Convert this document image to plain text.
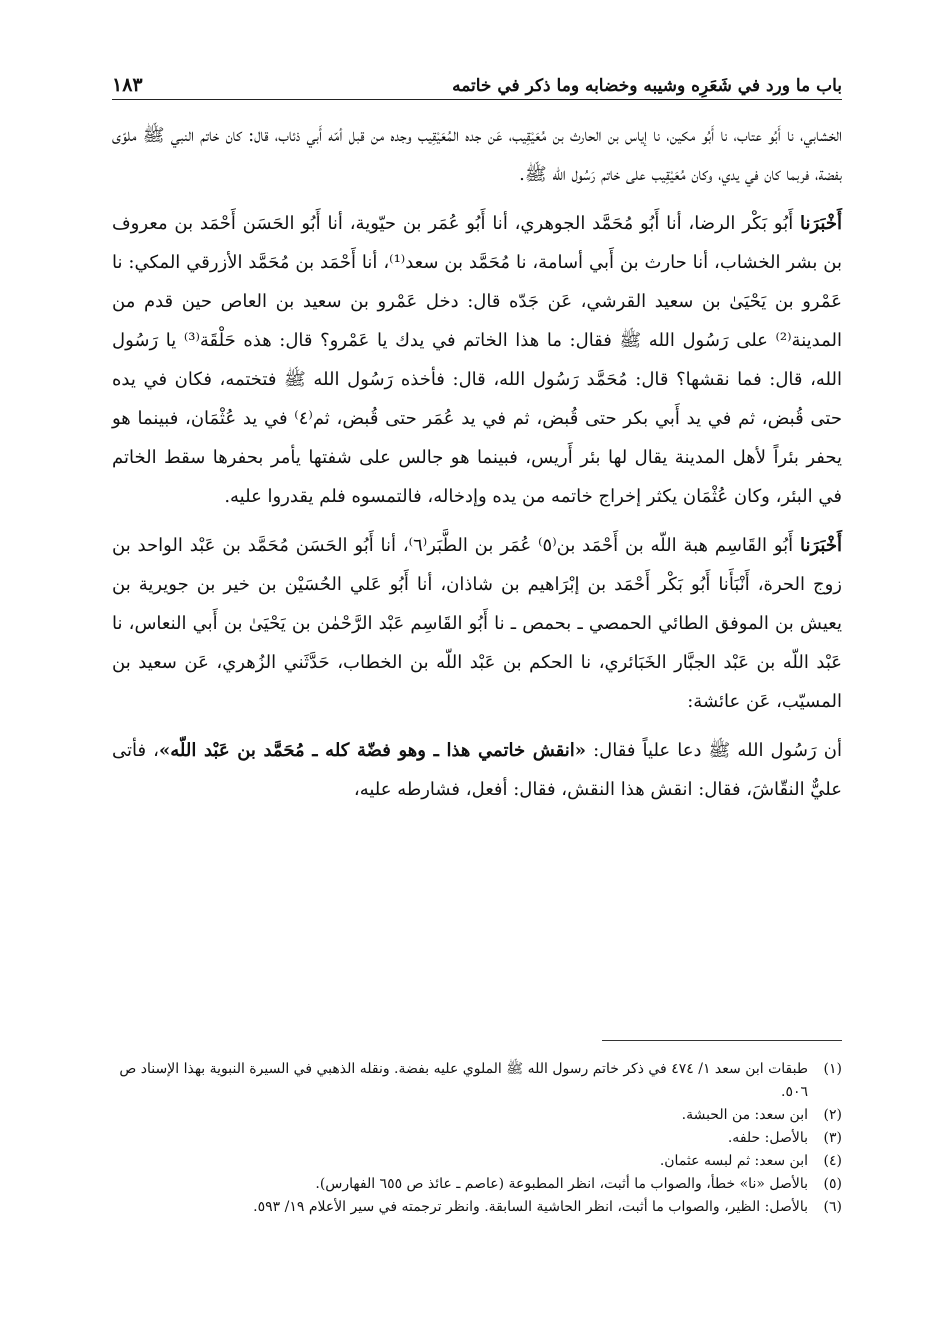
باب ما ورد في شَعَرِه وشيبه وخضابه وما ذكر في خاتمه
١٨٣

الخشابي، نا أَبُو عتاب، نا أَبُو مكين، نا إياس بن الحارث بن مُعَيْقِيب، عَن جده المُعَيْقِيب وجده من قبل أمّه أَبي ذئاب، قال: كان خاتم النبي ﷺ ملوّى بفضة، فربما كان في يدي، وكان مُعَيْقِيب على خاتم رَسُول الله ﷺ.

أَخْبَرَنا أَبُو بَكْر الرضا، أنا أَبُو مُحَمَّد الجوهري، أنا أَبُو عُمَر بن حيّوية، أنا أَبُو الحَسَن أَحْمَد بن معروف بن بشر الخشاب، أنا حارث بن أَبي أسامة، نا مُحَمَّد بن سعد⁽¹⁾، أنا أَحْمَد بن مُحَمَّد الأزرقي المكي: نا عَمْرو بن يَحْيَىٰ بن سعيد القرشي، عَن جَدّه قال: دخل عَمْرو بن سعيد بن العاص حين قدم من المدينة⁽²⁾ على رَسُول الله ﷺ فقال: ما هذا الخاتم في يدك يا عَمْرو؟ قال: هذه حَلْقَة⁽³⁾ يا رَسُول الله، قال: فما نقشها؟ قال: مُحَمَّد رَسُول الله، قال: فأخذه رَسُول الله ﷺ فتختمه، فكان في يده حتى قُبض، ثم في يد أَبي بكر حتى قُبض، ثم في يد عُمَر حتى قُبض، ثم⁽٤⁾ في يد عُثْمَان، فبينما هو يحفر بئراً لأهل المدينة يقال لها بئر أَريس، فبينما هو جالس على شفتها يأمر بحفرها سقط الخاتم في البئر، وكان عُثْمَان يكثر إخراج خاتمه من يده وإدخاله، فالتمسوه فلم يقدروا عليه.

أَخْبَرَنا أَبُو القَاسِم هبة اللّه بن أَحْمَد بن⁽٥⁾ عُمَر بن الطَّبَر⁽٦⁾، أنا أَبُو الحَسَن مُحَمَّد بن عَبْد الواحد بن زوج الحرة، أَنْبَأَنا أَبُو بَكْر أَحْمَد بن إبْرَاهيم بن شاذان، أنا أَبُو عَلي الحُسَيْن بن خير بن جويرية بن يعيش بن الموفق الطائي الحمصي ـ بحمص ـ نا أَبُو القَاسِم عَبْد الرَّحْمٰن بن يَحْيَىٰ بن أَبي النعاس، نا عَبْد اللّه بن عَبْد الجبَّار الخَبَائري، نا الحكم بن عَبْد اللّه بن الخطاب، حَدَّثَني الزُهري، عَن سعيد بن المسيّب، عَن عائشة:

أن رَسُول الله ﷺ دعا علياً فقال: «انقش خاتمي هذا ـ وهو فضّة كله ـ مُحَمَّد بن عَبْد اللّه»، فأتى عليٌّ النقّاشَ، فقال: انقش هذا النقش، فقال: أفعل، فشارطه عليه،

(١)
طبقات ابن سعد ١/ ٤٧٤ في ذكر خاتم رسول الله ﷺ الملوي عليه بفضة. ونقله الذهبي في السيرة النبوية بهذا الإسناد ص ٥٠٦.
(٢)
ابن سعد: من الحبشة.
(٣)
بالأصل: حلفه.
(٤)
ابن سعد: ثم لبسه عثمان.
(٥)
بالأصل «نا» خطأ، والصواب ما أثبت، انظر المطبوعة (عاصم ـ عائذ ص ٦٥٥ الفهارس).
(٦)
بالأصل: الظير، والصواب ما أثبت، انظر الحاشية السابقة. وانظر ترجمته في سير الأعلام ١٩/ ٥٩٣.
